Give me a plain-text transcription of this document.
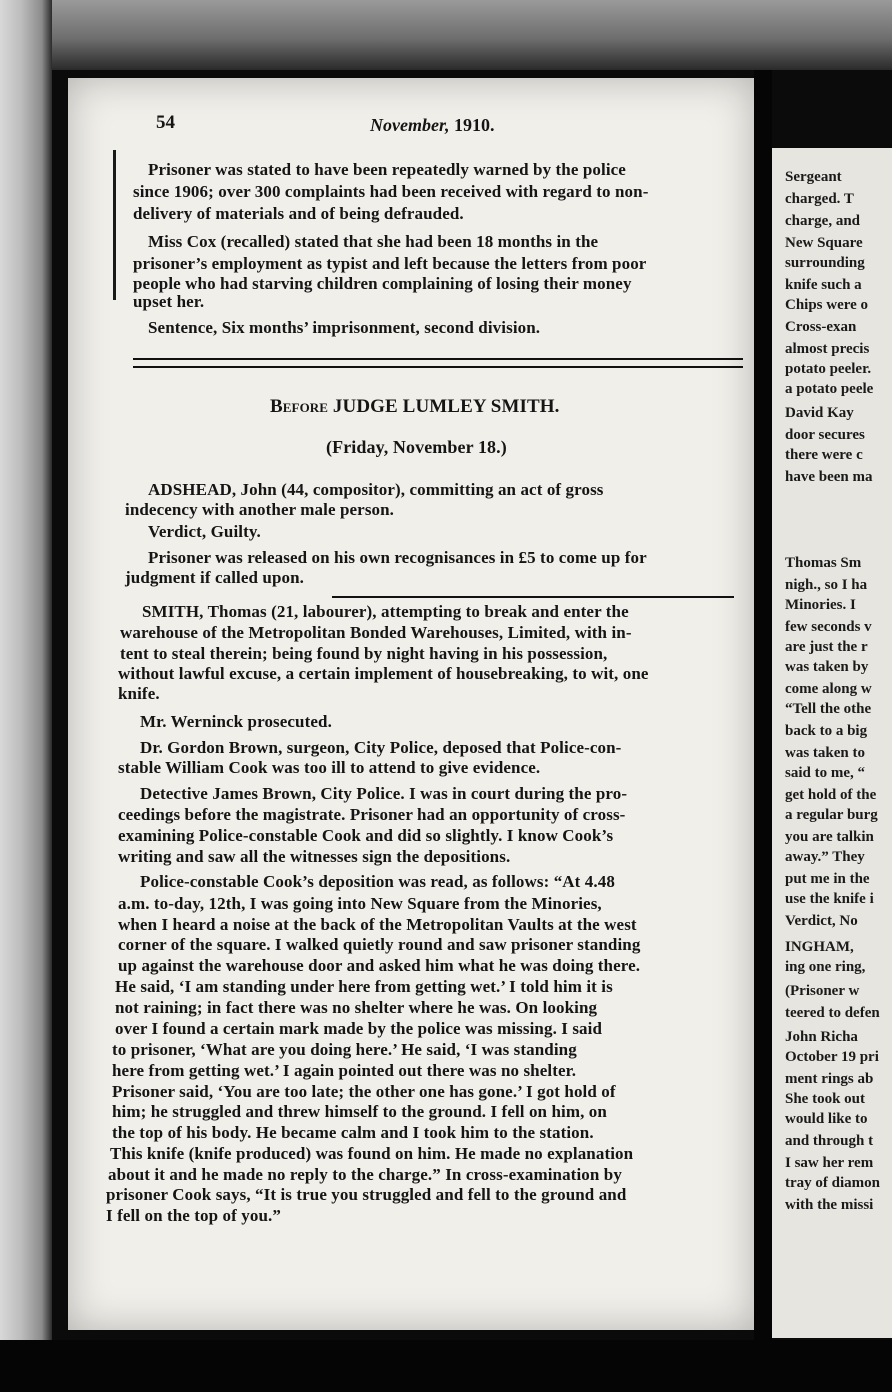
Sergeant
charged. T
charge, and
New Square
surrounding
knife such a
Chips were o
Cross-exan
almost precis
potato peeler.
a potato peele
David Kay
door secures
there were c
have been ma
Thomas Sm
nigh., so I ha
Minories. I
few seconds v
are just the r
was taken by
come along w
“Tell the othe
back to a big
was taken to
said to me, “
get hold of the
a regular burg
you are talkin
away.” They
put me in the
use the knife i
Verdict, No
INGHAM,
ing one ring,
(Prisoner w
teered to defen
John Richa
October 19 pri
ment rings ab
She took out
would like to
and through t
I saw her rem
tray of diamon
with the missi
54	November, 1910.
Prisoner was stated to have been repeatedly warned by the police
since 1906; over 300 complaints had been received with regard to non-
delivery of materials and of being defrauded.
Miss Cox (recalled) stated that she had been 18 months in the
prisoner’s employment as typist and left because the letters from poor
people who had starving children complaining of losing their money
upset her.
Sentence, Six months’ imprisonment, second division.
Before JUDGE LUMLEY SMITH.
(Friday, November 18.)
ADSHEAD, John (44, compositor), committing an act of gross
indecency with another male person.
Verdict, Guilty.
Prisoner was released on his own recognisances in £5 to come up for
judgment if called upon.
SMITH, Thomas (21, labourer), attempting to break and enter the
warehouse of the Metropolitan Bonded Warehouses, Limited, with in-
tent to steal therein; being found by night having in his possession,
without lawful excuse, a certain implement of housebreaking, to wit, one
knife.
Mr. Werninck prosecuted.
Dr. Gordon Brown, surgeon, City Police, deposed that Police-con-
stable William Cook was too ill to attend to give evidence.
Detective James Brown, City Police. I was in court during the pro-
ceedings before the magistrate. Prisoner had an opportunity of cross-
examining Police-constable Cook and did so slightly. I know Cook’s
writing and saw all the witnesses sign the depositions.
Police-constable Cook’s deposition was read, as follows: “At 4.48
a.m. to-day, 12th, I was going into New Square from the Minories,
when I heard a noise at the back of the Metropolitan Vaults at the west
corner of the square. I walked quietly round and saw prisoner standing
up against the warehouse door and asked him what he was doing there.
He said, ‘I am standing under here from getting wet.’ I told him it is
not raining; in fact there was no shelter where he was. On looking
over I found a certain mark made by the police was missing. I said
to prisoner, ‘What are you doing here.’ He said, ‘I was standing
here from getting wet.’ I again pointed out there was no shelter.
Prisoner said, ‘You are too late; the other one has gone.’ I got hold of
him; he struggled and threw himself to the ground. I fell on him, on
the top of his body. He became calm and I took him to the station.
This knife (knife produced) was found on him. He made no explanation
about it and he made no reply to the charge.” In cross-examination by
prisoner Cook says, “It is true you struggled and fell to the ground and
I fell on the top of you.”
